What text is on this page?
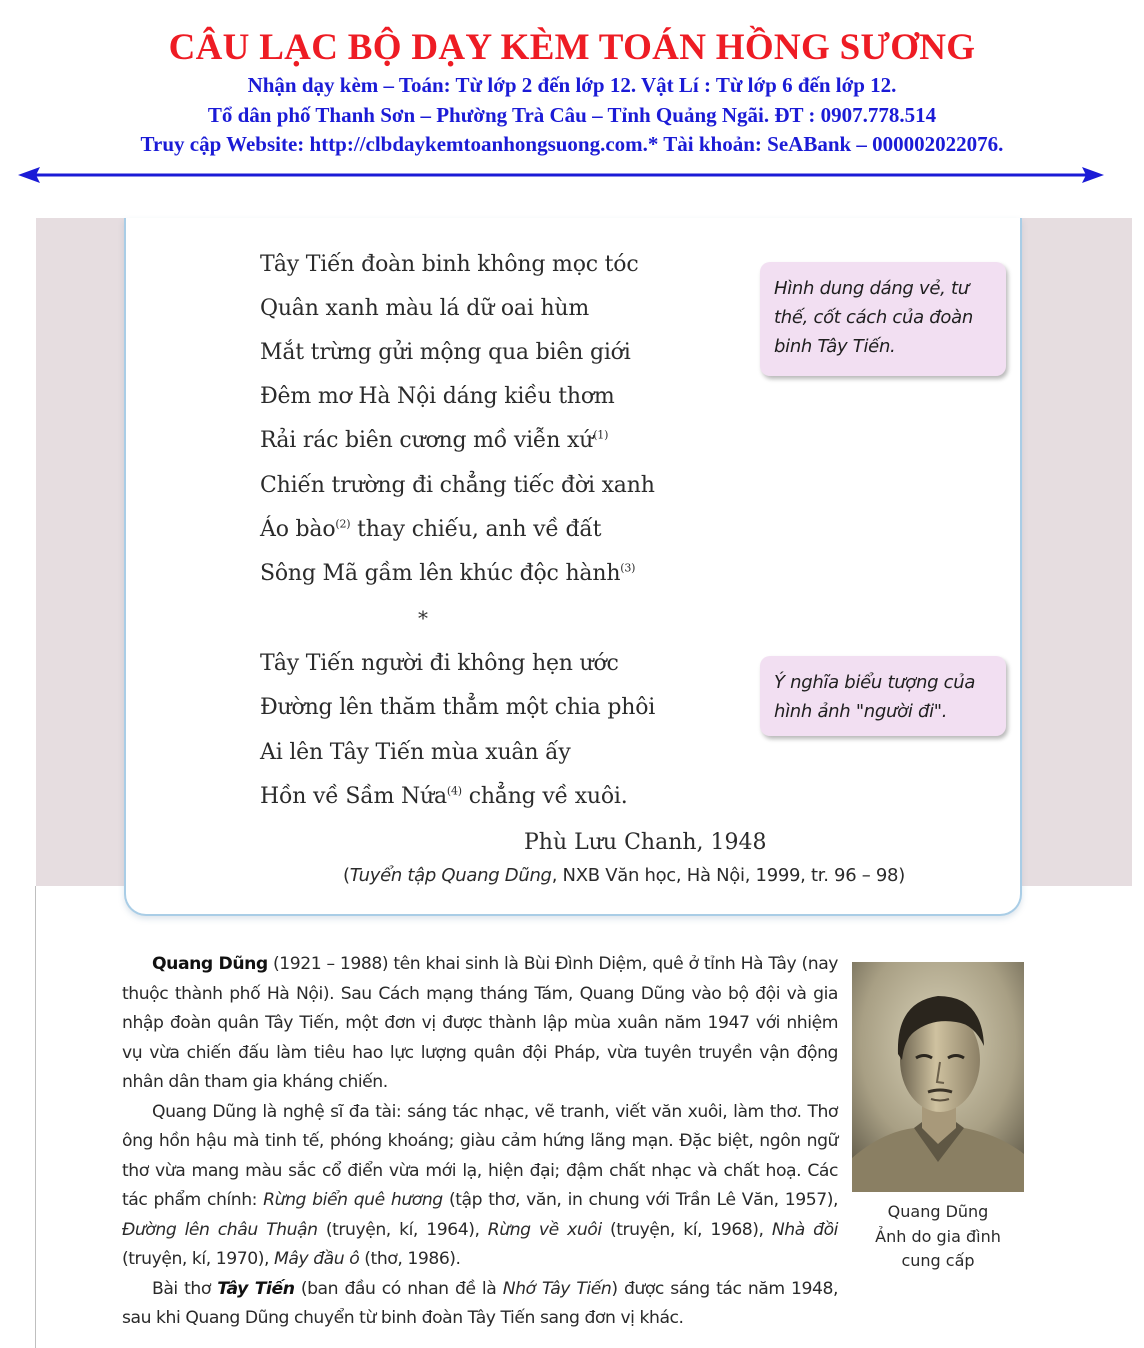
CÂU LẠC BỘ DẠY KÈM TOÁN HỒNG SƯƠNG
Nhận dạy kèm – Toán: Từ lớp 2 đến lớp 12. Vật Lí : Từ lớp 6 đến lớp 12.
Tổ dân phố Thanh Sơn – Phường Trà Câu – Tỉnh Quảng Ngãi. ĐT : 0907.778.514
Truy cập Website: http://clbdaykemtoanhongsuong.com.* Tài khoản: SeABank – 000002022076.
Tây Tiến đoàn binh không mọc tóc
Quân xanh màu lá dữ oai hùm
Mắt trừng gửi mộng qua biên giới
Đêm mơ Hà Nội dáng kiều thơm
Rải rác biên cương mồ viễn xứ$^{(1)}$
Chiến trường đi chẳng tiếc đời xanh
Áo bào$^{(2)}$ thay chiếu, anh về đất
Sông Mã gầm lên khúc độc hành$^{(3)}$
Tây Tiến người đi không hẹn ước
Đường lên thăm thẳm một chia phôi
Ai lên Tây Tiến mùa xuân ấy
Hồn về Sầm Nứa$^{(4)}$ chẳng về xuôi.
*
Phù Lưu Chanh, 1948
(Tuyển tập Quang Dũng, NXB Văn học, Hà Nội, 1999, tr. 96 – 98)
Hình dung dáng vẻ, tư thế, cốt cách của đoàn binh Tây Tiến.
Ý nghĩa biểu tượng của hình ảnh "người đi".

Quang Dũng (1921 – 1988) tên khai sinh là Bùi Đình Diệm, quê ở tỉnh Hà Tây (nay thuộc thành phố Hà Nội). Sau Cách mạng tháng Tám, Quang Dũng vào bộ đội và gia nhập đoàn quân Tây Tiến, một đơn vị được thành lập mùa xuân năm 1947 với nhiệm vụ vừa chiến đấu làm tiêu hao lực lượng quân đội Pháp, vừa tuyên truyền vận động nhân dân tham gia kháng chiến.

Quang Dũng là nghệ sĩ đa tài: sáng tác nhạc, vẽ tranh, viết văn xuôi, làm thơ. Thơ ông hồn hậu mà tinh tế, phóng khoáng; giàu cảm hứng lãng mạn. Đặc biệt, ngôn ngữ thơ vừa mang màu sắc cổ điển vừa mới lạ, hiện đại; đậm chất nhạc và chất hoạ. Các tác phẩm chính: Rừng biển quê hương (tập thơ, văn, in chung với Trần Lê Văn, 1957), Đường lên châu Thuận (truyện, kí, 1964), Rừng về xuôi (truyện, kí, 1968), Nhà đồi (truyện, kí, 1970), Mây đầu ô (thơ, 1986).

Bài thơ Tây Tiến (ban đầu có nhan đề là Nhớ Tây Tiến) được sáng tác năm 1948, sau khi Quang Dũng chuyển từ binh đoàn Tây Tiến sang đơn vị khác.

Quang Dũng
Ảnh do gia đình
cung cấp
